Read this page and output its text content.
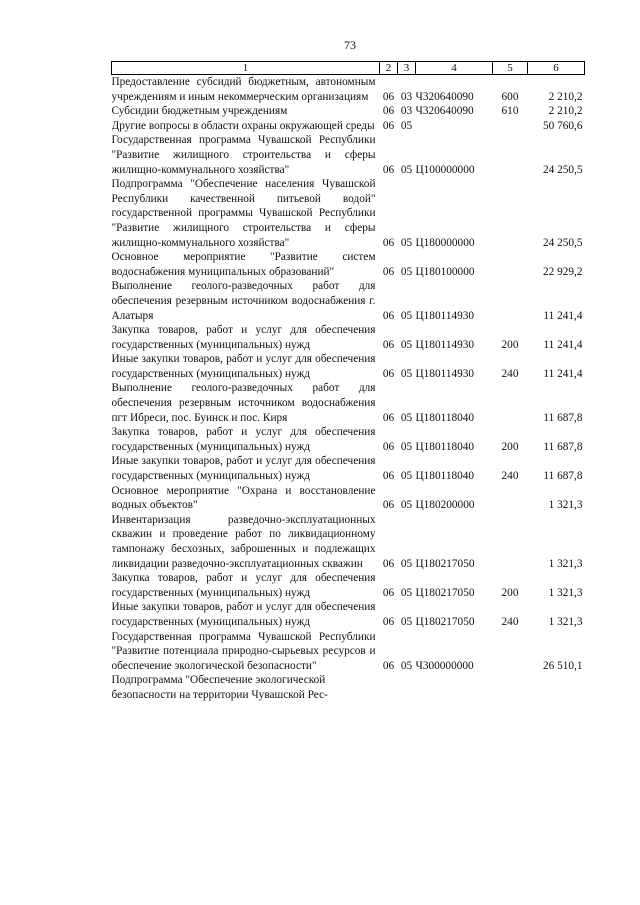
73
1	2	3	4	5	6
Предоставление субсидий бюджетным, автономным учреждениям и иным некоммерческим организациям	06	03	Ч320640090	600	2 210,2
Субсидии бюджетным учреждениям	06	03	Ч320640090	610	2 210,2
Другие вопросы в области охраны окружающей среды	06	05			50 760,6
Государственная программа Чувашской Республики "Развитие жилищного строительства и сферы жилищно-коммунального хозяйства"	06	05	Ц100000000		24 250,5
Подпрограмма "Обеспечение населения Чувашской Республики качественной питьевой водой" государственной программы Чувашской Республики "Развитие жилищного строительства и сферы жилищно-коммунального хозяйства"	06	05	Ц180000000		24 250,5
Основное мероприятие "Развитие систем водоснабжения муниципальных образований"	06	05	Ц180100000		22 929,2
Выполнение геолого-разведочных работ для обеспечения резервным источником водоснабжения г. Алатыря	06	05	Ц180114930		11 241,4
Закупка товаров, работ и услуг для обеспечения государственных (муниципальных) нужд	06	05	Ц180114930	200	11 241,4
Иные закупки товаров, работ и услуг для обеспечения государственных (муниципальных) нужд	06	05	Ц180114930	240	11 241,4
Выполнение геолого-разведочных работ для обеспечения резервным источником водоснабжения пгт Ибреси, пос. Буинск и пос. Киря	06	05	Ц180118040		11 687,8
Закупка товаров, работ и услуг для обеспечения государственных (муниципальных) нужд	06	05	Ц180118040	200	11 687,8
Иные закупки товаров, работ и услуг для обеспечения государственных (муниципальных) нужд	06	05	Ц180118040	240	11 687,8
Основное мероприятие "Охрана и восстановление водных объектов"	06	05	Ц180200000		1 321,3
Инвентаризация разведочно-эксплуатационных скважин и проведение работ по ликвидационному тампонажу бесхозных, заброшенных и подлежащих ликвидации разведочно-эксплуатационных скважин	06	05	Ц180217050		1 321,3
Закупка товаров, работ и услуг для обеспечения государственных (муниципальных) нужд	06	05	Ц180217050	200	1 321,3
Иные закупки товаров, работ и услуг для обеспечения государственных (муниципальных) нужд	06	05	Ц180217050	240	1 321,3
Государственная программа Чувашской Республики "Развитие потенциала природно-сырьевых ресурсов и обеспечение экологической безопасности"	06	05	Ч300000000		26 510,1
Подпрограмма "Обеспечение экологической безопасности на территории Чувашской Рес-					
